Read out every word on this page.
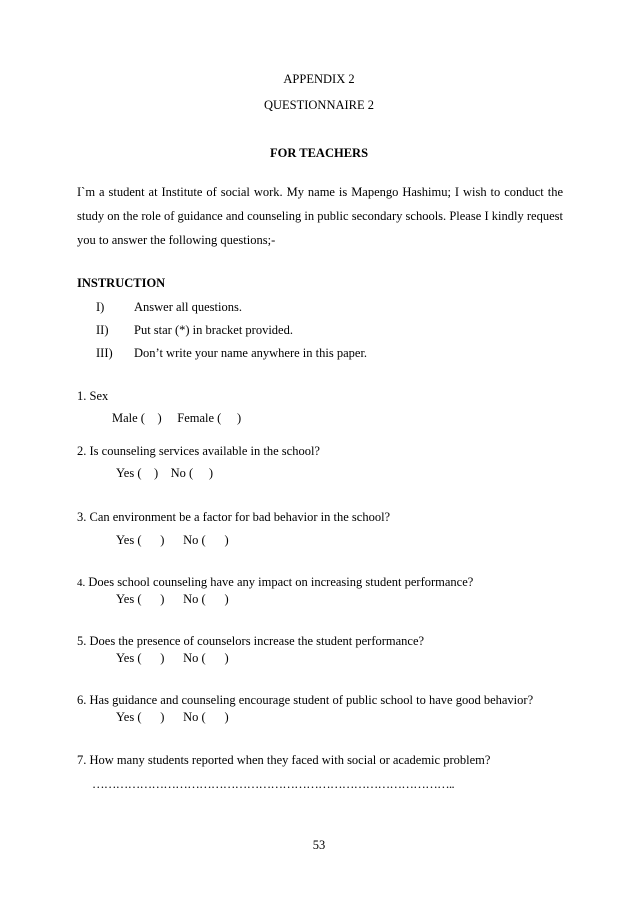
APPENDIX 2
QUESTIONNAIRE 2
FOR TEACHERS
I`m a student at Institute of social work. My name is Mapengo Hashimu; I wish to conduct the study on the role of guidance and counseling in public secondary schools. Please I kindly request you to answer the following questions;-
INSTRUCTION
I) Answer all questions.
II) Put star (*) in bracket provided.
III) Don’t write your name anywhere in this paper.
1. Sex
Male (    )     Female (     )
2. Is counseling services available in the school?
Yes (    )    No (     )
3. Can environment be a factor for bad behavior in the school?
Yes (      )      No (      )
4. Does school counseling have any impact on increasing student performance?
Yes (      )      No (      )
5. Does the presence of counselors increase the student performance?
Yes (      )      No (      )
6. Has guidance and counseling encourage student of public school to have good behavior?
Yes (      )      No (      )
7. How many students reported when they faced with social or academic problem?
………………………………………………………………………………..
53
